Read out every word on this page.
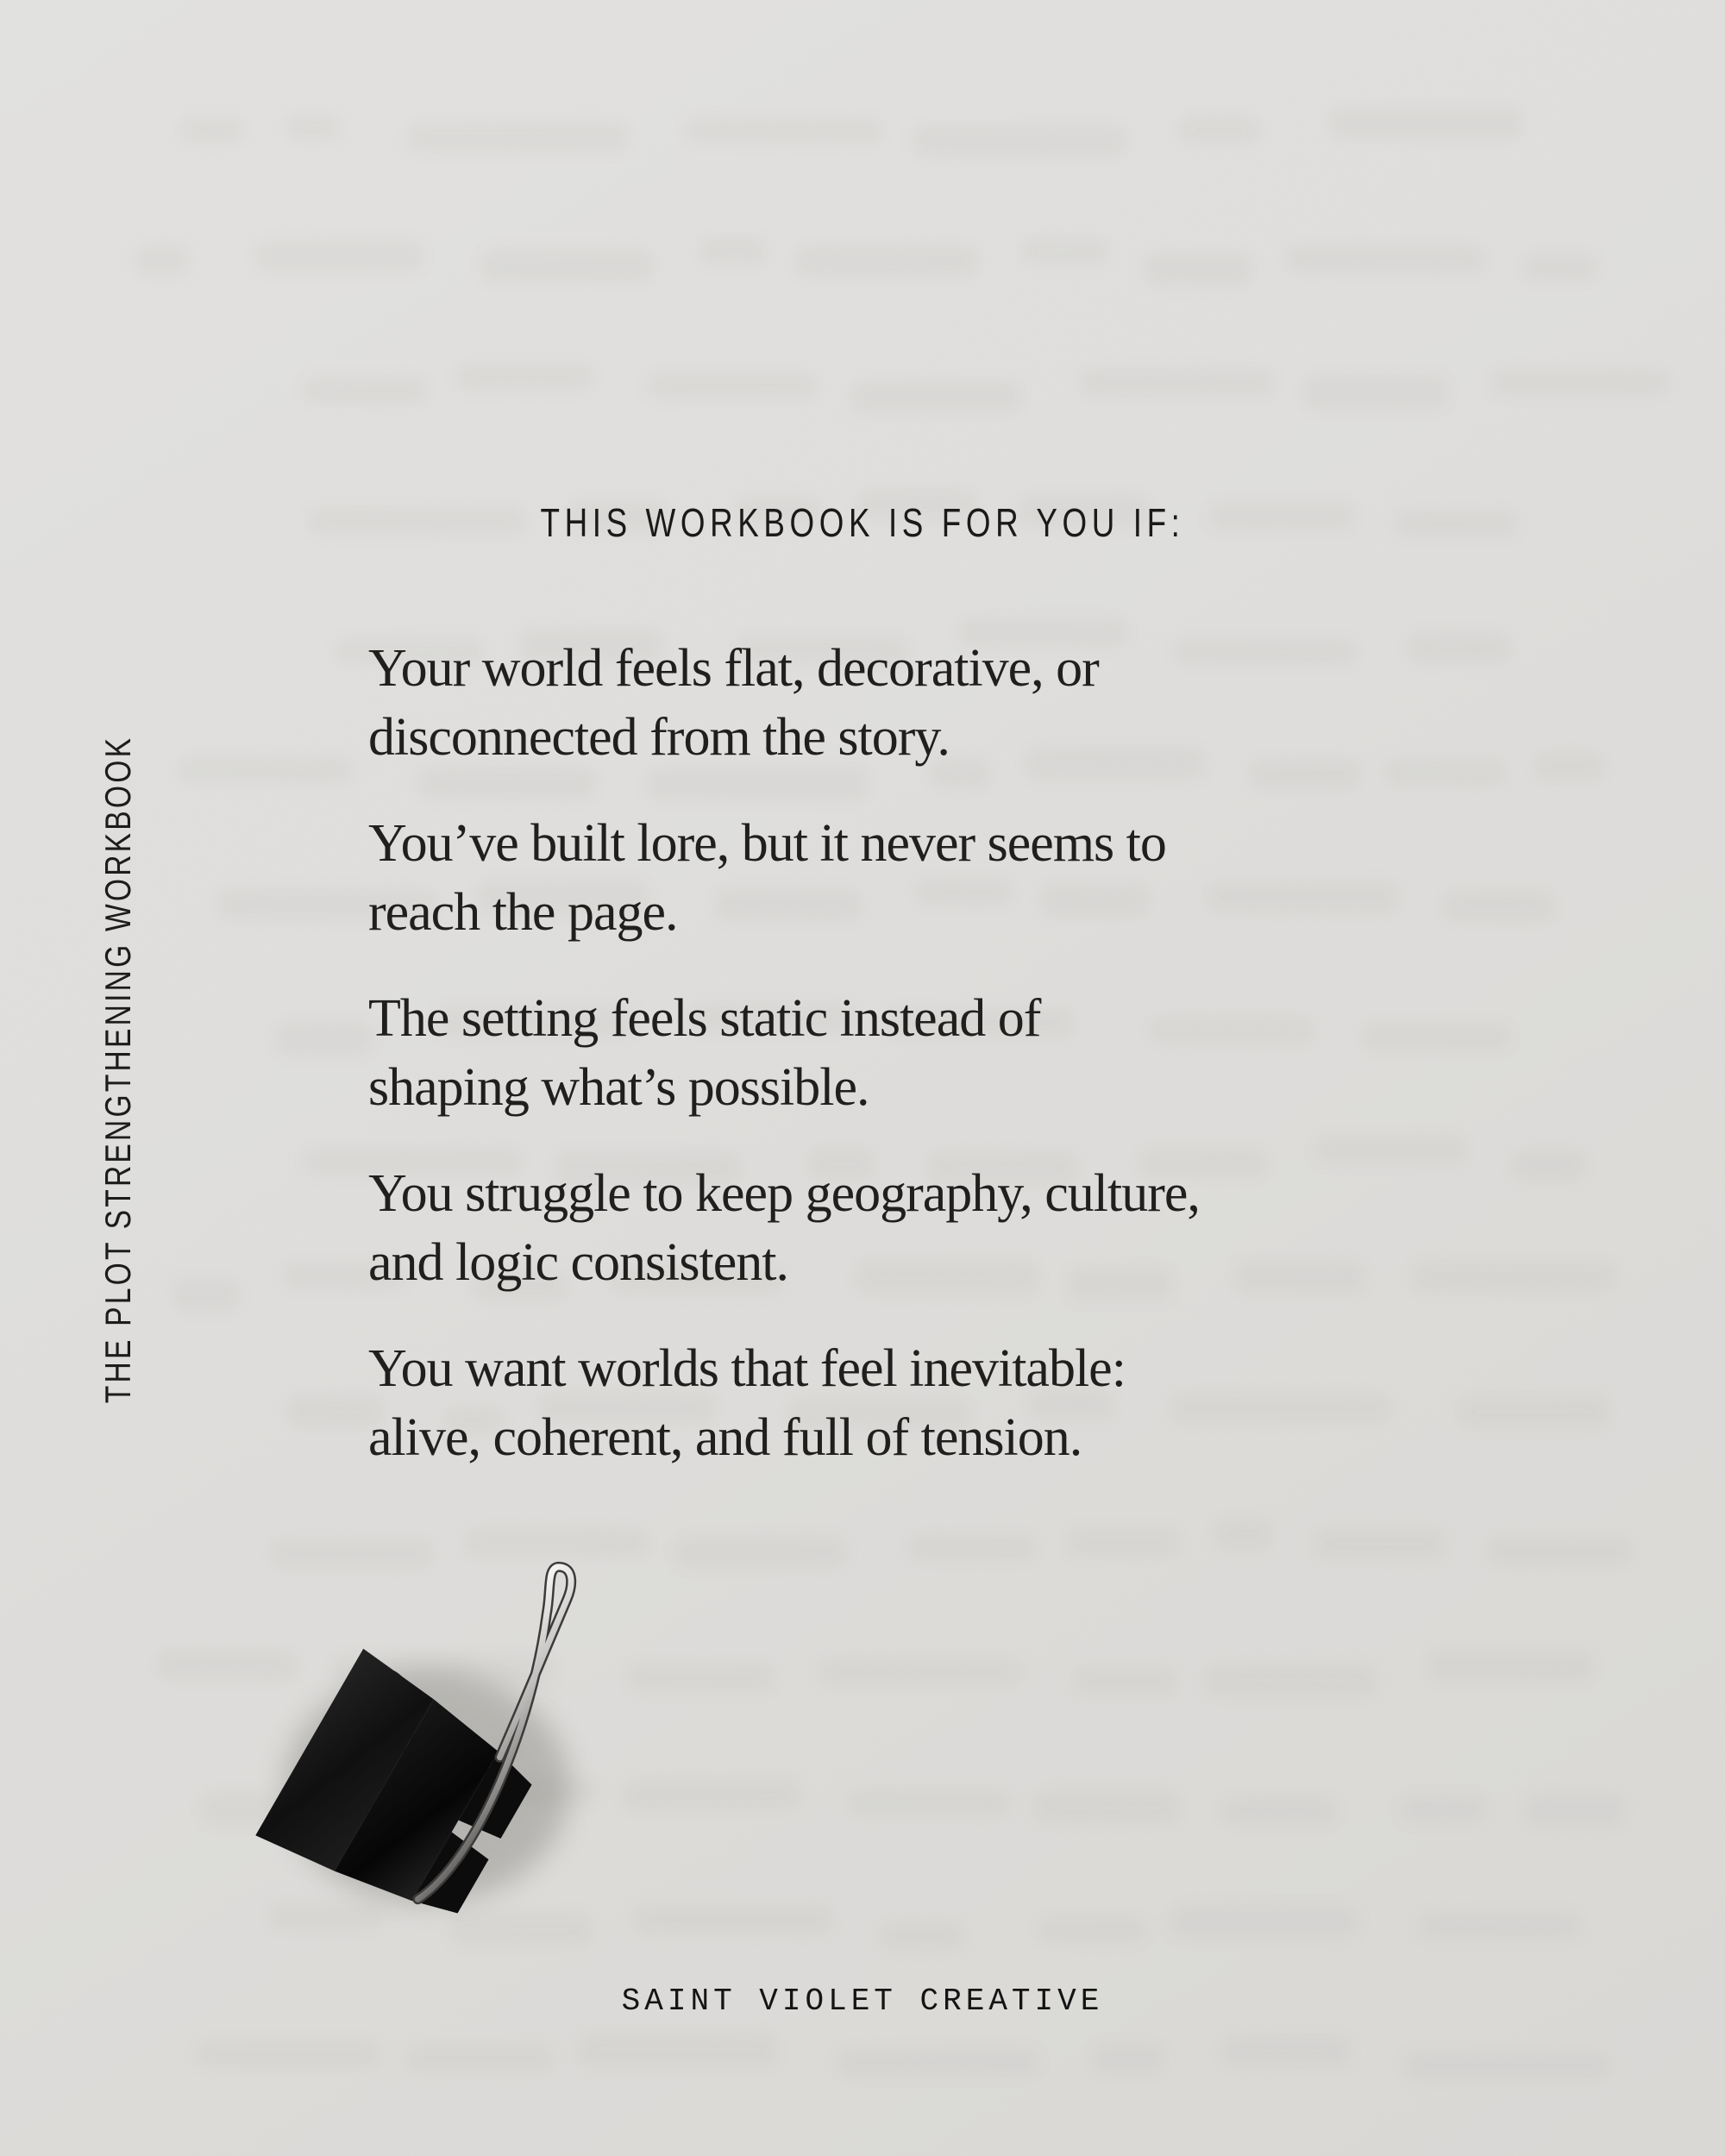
THIS WORKBOOK IS FOR YOU IF:
THE PLOT STRENGTHENING WORKBOOK

Your world feels flat, decorative, or
disconnected from the story.

You’ve built lore, but it never seems to
reach the page.

The setting feels static instead of
shaping what’s possible.

You struggle to keep geography, culture,
and logic consistent.

You want worlds that feel inevitable:
alive, coherent, and full of tension.

SAINT VIOLET CREATIVE
